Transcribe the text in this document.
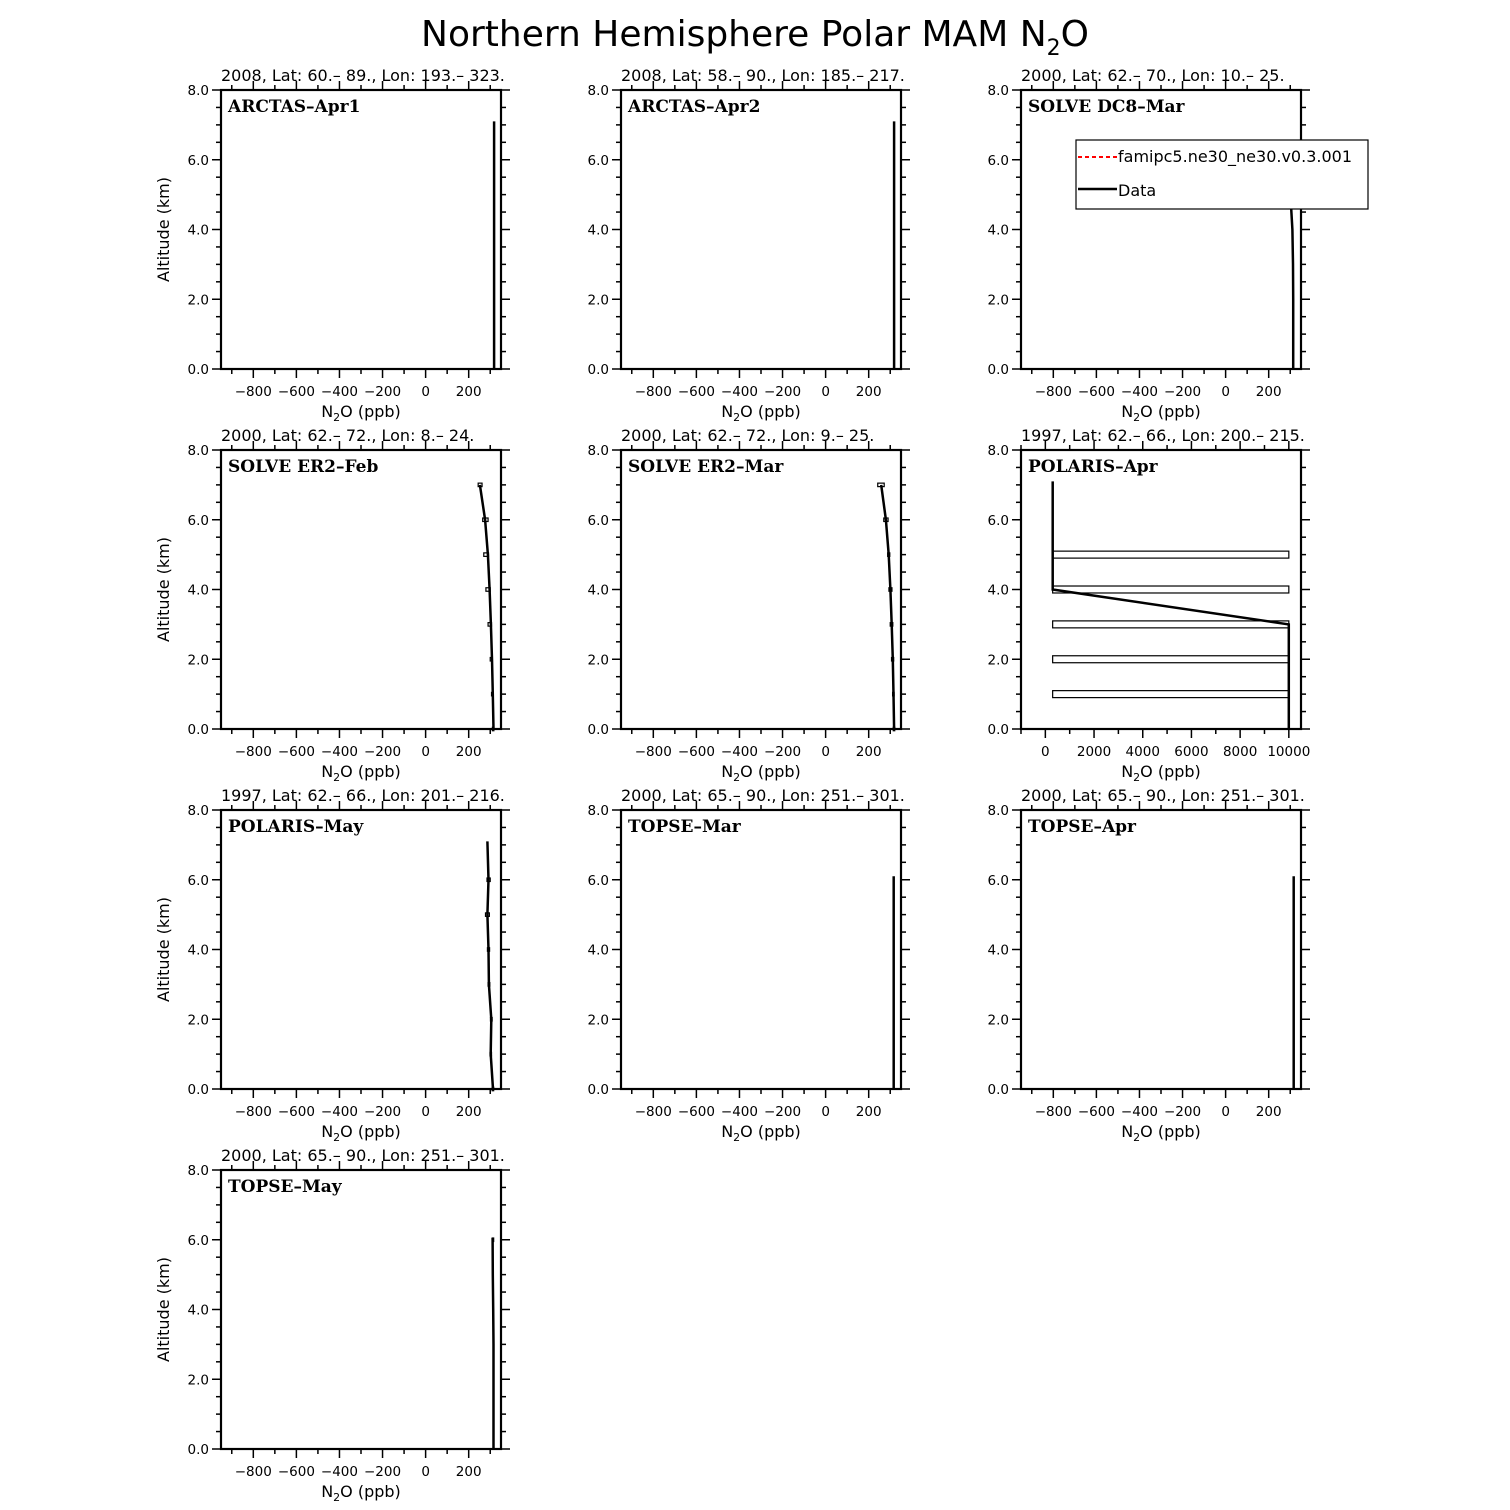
Northern Hemisphere Polar MAM $N_2O$
2008, Lat: 60.– 89., Lon: 193.– 323.
ARCTAS–Apr1
0.0
2.0
4.0
6.0
8.0
−800 −600 −400 −200 0 200
$N_2O$ (ppb)
Altitude (km)
2008, Lat: 58.– 90., Lon: 185.– 217.
ARCTAS–Apr2
0.0
2.0
4.0
6.0
8.0
−800 −600 −400 −200 0 200
$N_2O$ (ppb)
2000, Lat: 62.– 70., Lon: 10.– 25.
SOLVE DC8–Mar
0.0
2.0
4.0
6.0
8.0
−800 −600 −400 −200 0 200
$N_2O$ (ppb)
2000, Lat: 62.– 72., Lon: 8.– 24.
SOLVE ER2–Feb
0.0
2.0
4.0
6.0
8.0
−800 −600 −400 −200 0 200
$N_2O$ (ppb)
Altitude (km)
2000, Lat: 62.– 72., Lon: 9.– 25.
SOLVE ER2–Mar
0.0
2.0
4.0
6.0
8.0
−800 −600 −400 −200 0 200
$N_2O$ (ppb)
1997, Lat: 62.– 66., Lon: 200.– 215.
POLARIS–Apr
0.0
2.0
4.0
6.0
8.0
0 2000 4000 6000 8000 10000
$N_2O$ (ppb)
1997, Lat: 62.– 66., Lon: 201.– 216.
POLARIS–May
0.0
2.0
4.0
6.0
8.0
−800 −600 −400 −200 0 200
$N_2O$ (ppb)
Altitude (km)
2000, Lat: 65.– 90., Lon: 251.– 301.
TOPSE–Mar
0.0
2.0
4.0
6.0
8.0
−800 −600 −400 −200 0 200
$N_2O$ (ppb)
2000, Lat: 65.– 90., Lon: 251.– 301.
TOPSE–Apr
0.0
2.0
4.0
6.0
8.0
−800 −600 −400 −200 0 200
$N_2O$ (ppb)
2000, Lat: 65.– 90., Lon: 251.– 301.
TOPSE–May
0.0
2.0
4.0
6.0
8.0
−800 −600 −400 −200 0 200
$N_2O$ (ppb)
Altitude (km)
famipc5.ne30_ne30.v0.3.001
Data
